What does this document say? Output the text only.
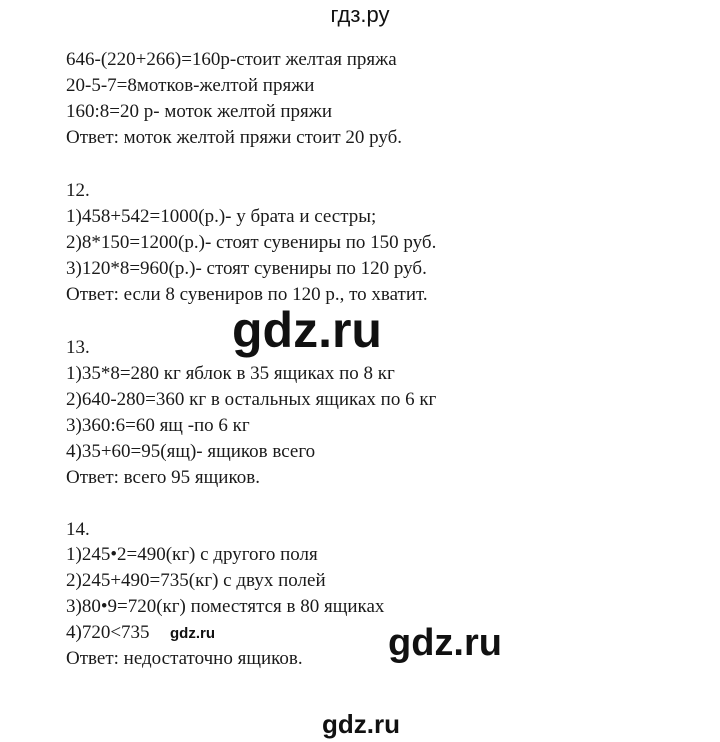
гдз.ру
646-(220+266)=160р-стоит желтая пряжа
20-5-7=8мотков-желтой пряжи
160:8=20 р- моток желтой пряжи
Ответ: моток желтой пряжи стоит 20 руб.
12.
1)458+542=1000(р.)- у брата и сестры;
2)8*150=1200(р.)- стоят сувениры по 150 руб.
3)120*8=960(р.)- стоят сувениры по 120 руб.
Ответ: если 8 сувениров по 120 р., то хватит.
13.
1)35*8=280 кг яблок в 35 ящиках по 8 кг
2)640-280=360 кг в остальных ящиках по 6 кг
3)360:6=60 ящ -по 6 кг
4)35+60=95(ящ)- ящиков всего
Ответ: всего 95 ящиков.
14.
1)245•2=490(кг) с другого поля
2)245+490=735(кг) с двух полей
3)80•9=720(кг) поместятся в 80 ящиках
4)720<735
Ответ: недостаточно ящиков.
gdz.ru
gdz.ru	gdz.ru
gdz.ru
